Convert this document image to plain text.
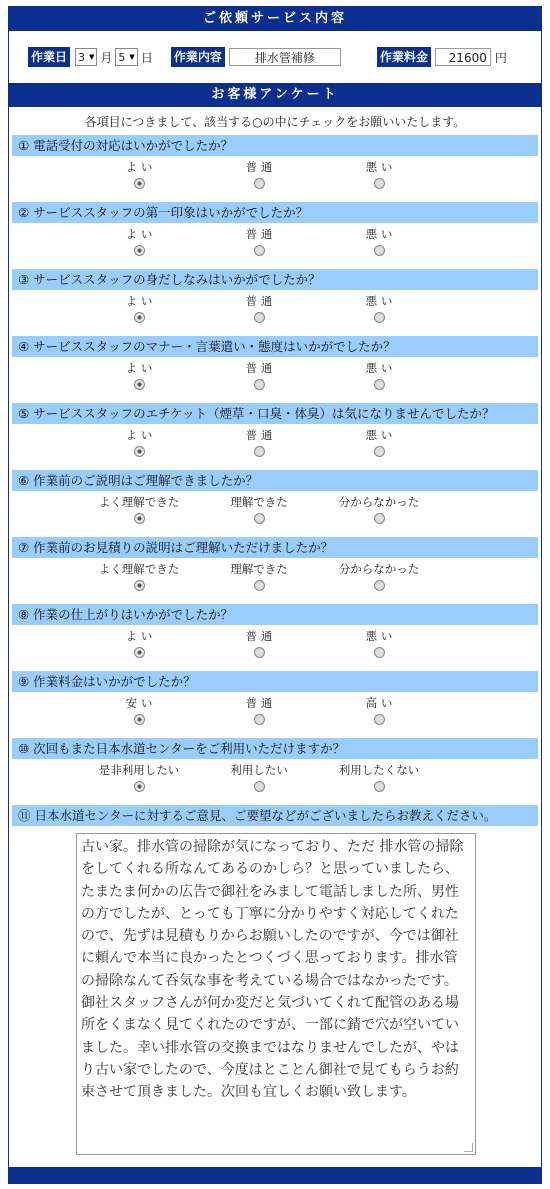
ご依頼サービス内容
作業日 3 ▼ 月 5 ▼ 日 作業内容	排水管補修	作業料金	21600 円
お客様アンケート
各項目につきまして、該当する○の中にチェックをお願いいたします。
① 電話受付の対応はいかがでしたか？
よ い	普 通	悪 い
② サービススタッフの第一印象はいかがでしたか？
よ い	普 通	悪 い
③ サービススタッフの身だしなみはいかがでしたか？
よ い	普 通	悪 い
④ サービススタッフのマナー・言葉遣い・態度はいかがでしたか？
よ い	普 通	悪 い
⑤ サービススタッフのエチケット（煙草・口臭・体臭）は気になりませんでしたか？
よ い	普 通	悪 い
⑥ 作業前のご説明はご理解できましたか？
よく理解できた	理解できた	分からなかった
⑦ 作業前のお見積りの説明はご理解いただけましたか？
よく理解できた	理解できた	分からなかった
⑧ 作業の仕上がりはいかがでしたか？
よ い	普 通	悪 い
⑨ 作業料金はいかがでしたか？
安 い	普 通	高 い
⑩ 次回もまた日本水道センターをご利用いただけますか？
是非利用したい	利用したい	利用したくない
⑪ 日本水道センターに対するご意見、ご要望などがございましたらお教えください。
古い家。排水管の掃除が気になっており、ただ 排水管の掃除をしてくれる所なんてあるのかしら？と思っていましたら、たまたま何かの広告で御社をみまして電話しました所、男性の方でしたが、とっても丁寧に分かりやすく対応してくれたので、先ずは見積もりからお願いしたのですが、今では御社に頼んで本当に良かったとつくづく思っております。排水管の掃除なんて呑気な事を考えている場合ではなかったです。御社スタッフさんが何か変だと気づいてくれて配管のある場所をくまなく見てくれたのですが、一部に錆で穴が空いていました。幸い排水管の交換まではなりませんでしたが、やはり古い家でしたので、今度はとことん御社で見てもらうお約束させて頂きました。次回も宜しくお願い致します。
